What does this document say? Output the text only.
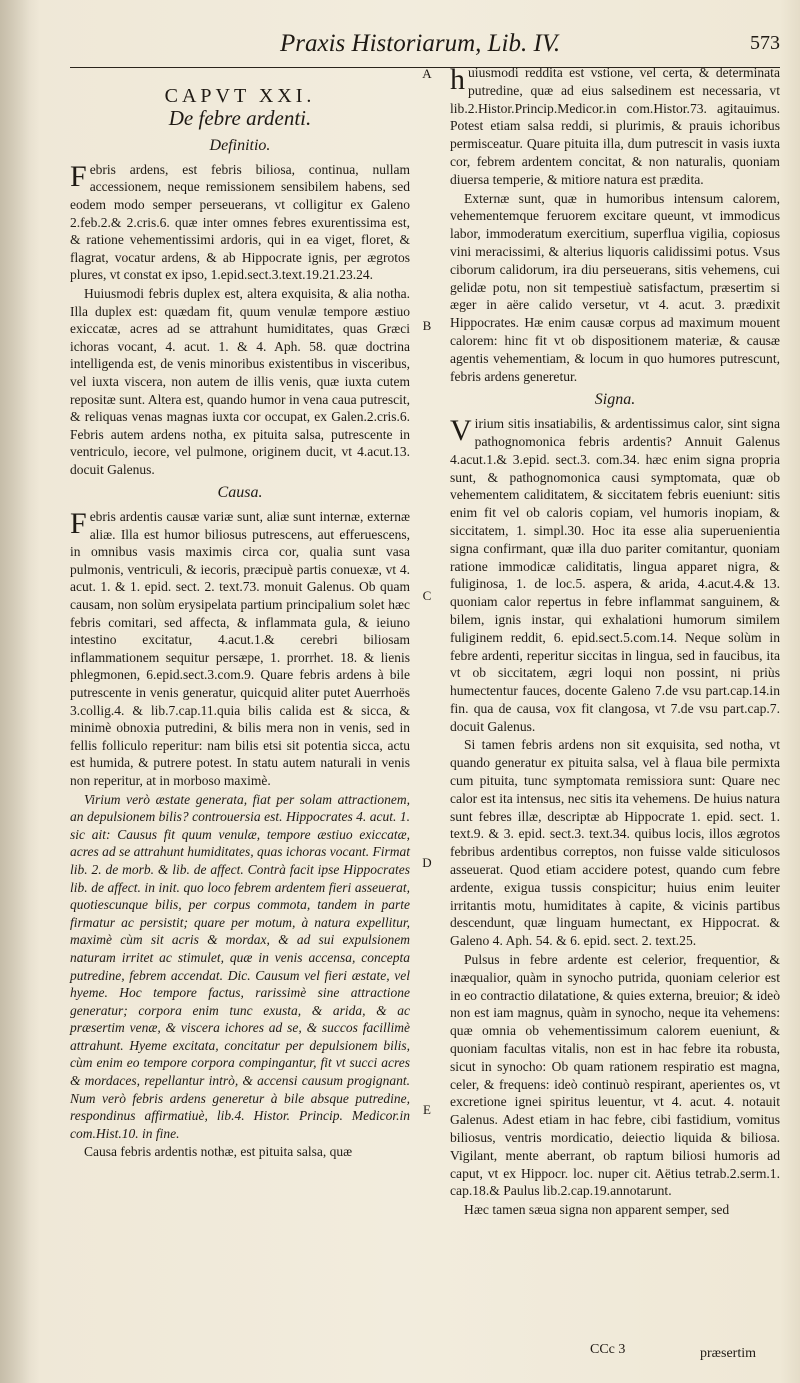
Praxis Historiarum, Lib. IV.	573
CAPVT XXI.
De febre ardenti.
Definitio.

Febris ardens, est febris biliosa, continua, nullam accessionem, neque remissionem sensibilem habens, sed eodem modo semper perseuerans, vt colligitur ex Galeno 2.feb.2.& 2.cris.6. quæ inter omnes febres exurentissima est, & ratione vehementissimi ardoris, qui in ea viget, floret, & flagrat, vocatur ardens, & ab Hippocrate ignis, per ægrotos plures, vt constat ex ipso, 1.epid.sect.3.text.19.21.23.24.

Huiusmodi febris duplex est, altera exquisita, & alia notha. Illa duplex est: quædam fit, quum venulæ tempore æstiuo exiccatæ, acres ad se attrahunt humiditates, quas Græci ichoras vocant, 4. acut. 1. & 4. Aph. 58. quæ doctrina intelligenda est, de venis minoribus existentibus in visceribus, vel iuxta viscera, non autem de illis venis, quæ iuxta cutem repositæ sunt. Altera est, quando humor in vena caua putrescit, & reliquas venas magnas iuxta cor occupat, ex Galen.2.cris.6. Febris autem ardens notha, ex pituita salsa, putrescente in ventriculo, iecore, vel pulmone, originem ducit, vt 4.acut.13. docuit Galenus.

Causa.

Febris ardentis causæ variæ sunt, aliæ sunt internæ, externæ aliæ. Illa est humor biliosus putrescens, aut efferuescens, in omnibus vasis maximis circa cor, qualia sunt vasa pulmonis, ventriculi, & iecoris, præcipuè partis conuexæ, vt 4. acut. 1. & 1. epid. sect. 2. text.73. monuit Galenus. Ob quam causam, non solùm erysipelata partium principalium solet hæc febris comitari, sed affecta, & inflammata gula, & ieiuno intestino excitatur, 4.acut.1.& cerebri biliosam inflammationem sequitur persæpe, 1. prorrhet. 18. & lienis phlegmonen, 6.epid.sect.3.com.9. Quare febris ardens à bile putrescente in venis generatur, quicquid aliter putet Auerrhoës 3.collig.4. & lib.7.cap.11.quia bilis calida est & sicca, & minimè obnoxia putredini, & bilis mera non in venis, sed in fellis folliculo reperitur: nam bilis etsi sit potentia sicca, actu est humida, & putrere potest. In statu autem naturali in venis non reperitur, at in morboso maximè.

Virium verò æstate generata, fiat per solam attractionem, an depulsionem bilis? controuersia est. Hippocrates 4. acut. 1. sic ait: Causus fit quum venulæ, tempore æstiuo exiccatæ, acres ad se attrahunt humiditates, quas ichoras vocant. Firmat lib. 2. de morb. & lib. de affect. Contrà facit ipse Hippocrates lib. de affect. in init. quo loco febrem ardentem fieri asseuerat, quotiescunque bilis, per corpus commota, tandem in parte firmatur ac persistit; quare per motum, à natura expellitur, maximè cùm sit acris & mordax, & ad sui expulsionem naturam irritet ac stimulet, quæ in venis accensa, concepta putredine, febrem accendat. Dic. Causum vel fieri æstate, vel hyeme. Hoc tempore factus, rarissimè sine attractione generatur; corpora enim tunc exusta, & arida, & ac præsertim venæ, & viscera ichores ad se, & succos facillimè attrahunt. Hyeme excitata, concitatur per depulsionem bilis, cùm enim eo tempore corpora compingantur, fit vt succi acres & mordaces, repellantur intrò, & accensi causum progignant. Num verò febris ardens generetur à bile absque putredine, respondinus affirmatiuè, lib.4. Histor. Princip. Medicor.in com.Hist.10. in fine.

Causa febris ardentis nothæ, est pituita salsa, quæ

A
B
C
D
E

huiusmodi reddita est vstione, vel certa, & determinata putredine, quæ ad eius salsedinem est necessaria, vt lib.2.Histor.Princip.Medicor.in com.Histor.73. agitauimus. Potest etiam salsa reddi, si plurimis, & prauis ichoribus permisceatur. Quare pituita illa, dum putrescit in vasis iuxta cor, febrem ardentem concitat, & non naturalis, quoniam diuersa temperie, & mitiore natura est prædita.

Externæ sunt, quæ in humoribus intensum calorem, vehementemque feruorem excitare queunt, vt immodicus labor, immoderatum exercitium, superflua vigilia, copiosus vini meracissimi, & alterius liquoris calidissimi potus. Vsus ciborum calidorum, ira diu perseuerans, sitis vehemens, cui gelidæ potu, non sit tempestiuè satisfactum, præsertim si æger in aëre calido versetur, vt 4. acut. 3. prædixit Hippocrates. Hæ enim causæ corpus ad maximum mouent calorem: hinc fit vt ob dispositionem materiæ, & causæ agentis vehementiam, & locum in quo humores putrescunt, febris ardens generetur.

Signa.

Virium sitis insatiabilis, & ardentissimus calor, sint signa pathognomonica febris ardentis? Annuit Galenus 4.acut.1.& 3.epid. sect.3. com.34. hæc enim signa propria sunt, & pathognomonica causi symptomata, quæ ob vehementem caliditatem, & siccitatem febris eueniunt: sitis enim fit vel ob caloris copiam, vel humoris inopiam, & siccitatem, 1. simpl.30. Hoc ita esse alia superuenientia signa confirmant, quæ illa duo pariter comitantur, quoniam ratione immodicæ caliditatis, lingua apparet nigra, & fuliginosa, 1. de loc.5. aspera, & arida, 4.acut.4.& 13. quoniam calor repertus in febre inflammat sanguinem, & bilem, ignis instar, qui exhalationi humorum similem fuliginem reddit, 6. epid.sect.5.com.14. Neque solùm in febre ardenti, reperitur siccitas in lingua, sed in faucibus, ita vt ob siccitatem, ægri loqui non possint, ni priùs humectentur fauces, docente Galeno 7.de vsu part.cap.14.in fin. qua de causa, vox fit clangosa, vt 7.de vsu part.cap.7. docuit Galenus.

Si tamen febris ardens non sit exquisita, sed notha, vt quando generatur ex pituita salsa, vel à flaua bile permixta cum pituita, tunc symptomata remissiora sunt: Quare nec calor est ita intensus, nec sitis ita vehemens. De huius natura sunt febres illæ, descriptæ ab Hippocrate 1. epid. sect. 1. text.9. & 3. epid. sect.3. text.34. quibus locis, illos ægrotos febribus ardentibus correptos, non fuisse valde siticulosos asseuerat. Quod etiam accidere potest, quando cum febre ardente, exigua tussis conspicitur; huius enim leuiter irritantis motu, humiditates à capite, & vicinis partibus descendunt, quæ linguam humectant, ex Hippocrat. & Galeno 4. Aph. 54. & 6. epid. sect. 2. text.25.

Pulsus in febre ardente est celerior, frequentior, & inæqualior, quàm in synocho putrida, quoniam celerior est in eo contractio dilatatione, & quies externa, breuior; & ideò non est iam magnus, quàm in synocho, neque ita vehemens: quæ omnia ob vehementissimum calorem eueniunt, & quoniam facultas vitalis, non est in hac febre ita robusta, sicut in synocho: Ob quam rationem respiratio est magna, celer, & frequens: ideò continuò respirant, aperientes os, vt excretione ignei spiritus leuentur, vt 4. acut. 4. notauit Galenus. Adest etiam in hac febre, cibi fastidium, vomitus biliosus, ventris mordicatio, deiectio liquida & biliosa. Vigilant, mente aberrant, ob raptum biliosi humoris ad caput, vt ex Hippocr. loc. nuper cit. Aëtius tetrab.2.serm.1. cap.18.& Paulus lib.2.cap.19.annotarunt.

Hæc tamen sæua signa non apparent semper, sed

CCc 3	præsertim
